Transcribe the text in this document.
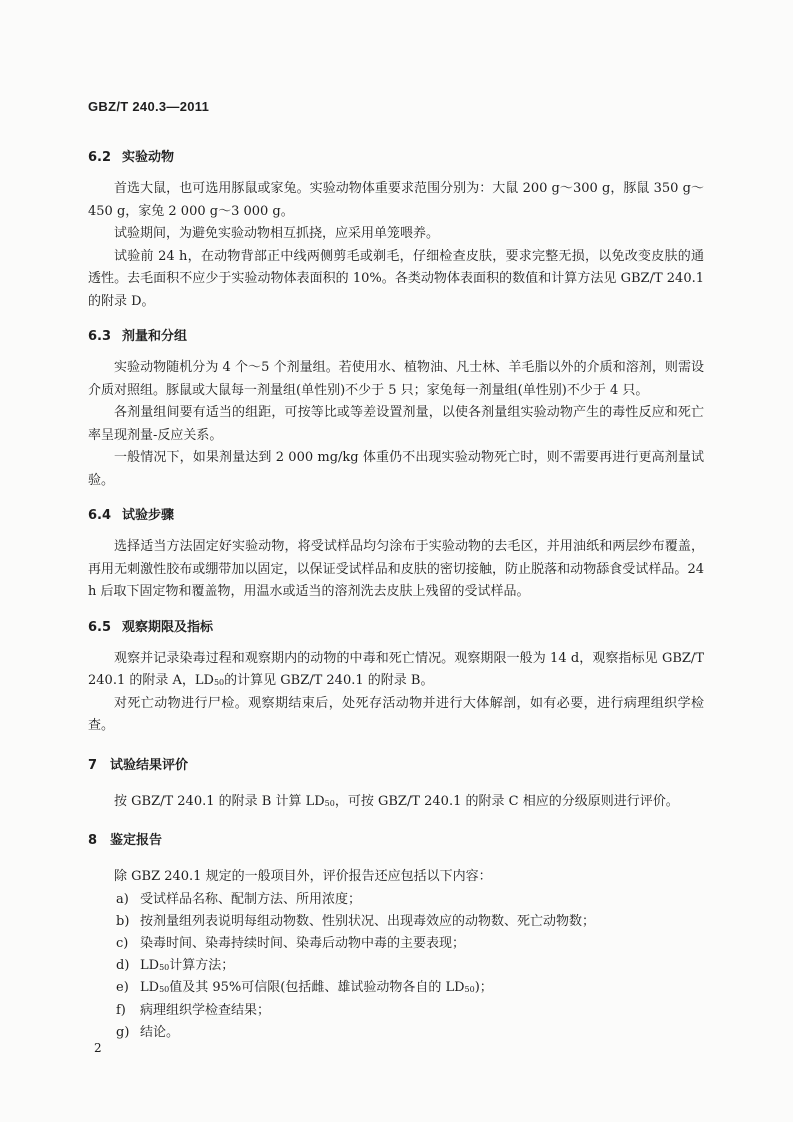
GBZ/T 240.3—2011
6.2 实验动物

首选大鼠，也可选用豚鼠或家兔。实验动物体重要求范围分别为：大鼠 200 g～300 g，豚鼠 350 g～450 g，家兔 2 000 g～3 000 g。

试验期间，为避免实验动物相互抓挠，应采用单笼喂养。

试验前 24 h，在动物背部正中线两侧剪毛或剃毛，仔细检查皮肤，要求完整无损，以免改变皮肤的通透性。去毛面积不应少于实验动物体表面积的 10%。各类动物体表面积的数值和计算方法见 GBZ/T 240.1 的附录 D。

6.3 剂量和分组

实验动物随机分为 4 个～5 个剂量组。若使用水、植物油、凡士林、羊毛脂以外的介质和溶剂，则需设介质对照组。豚鼠或大鼠每一剂量组(单性别)不少于 5 只；家兔每一剂量组(单性别)不少于 4 只。

各剂量组间要有适当的组距，可按等比或等差设置剂量，以使各剂量组实验动物产生的毒性反应和死亡率呈现剂量-反应关系。

一般情况下，如果剂量达到 2 000 mg/kg 体重仍不出现实验动物死亡时，则不需要再进行更高剂量试验。

6.4 试验步骤

选择适当方法固定好实验动物，将受试样品均匀涂布于实验动物的去毛区，并用油纸和两层纱布覆盖，再用无刺激性胶布或绷带加以固定，以保证受试样品和皮肤的密切接触，防止脱落和动物舔食受试样品。24 h 后取下固定物和覆盖物，用温水或适当的溶剂洗去皮肤上残留的受试样品。

6.5 观察期限及指标

观察并记录染毒过程和观察期内的动物的中毒和死亡情况。观察期限一般为 14 d，观察指标见 GBZ/T 240.1 的附录 A，$LD_{50}$的计算见 GBZ/T 240.1 的附录 B。

对死亡动物进行尸检。观察期结束后，处死存活动物并进行大体解剖，如有必要，进行病理组织学检查。

7 试验结果评价

按 GBZ/T 240.1 的附录 B 计算 $LD_{50}$，可按 GBZ/T 240.1 的附录 C 相应的分级原则进行评价。

8 鉴定报告

除 GBZ 240.1 规定的一般项目外，评价报告还应包括以下内容：

a) 受试样品名称、配制方法、所用浓度；
b) 按剂量组列表说明每组动物数、性别状况、出现毒效应的动物数、死亡动物数；
c) 染毒时间、染毒持续时间、染毒后动物中毒的主要表现；
d) $LD_{50}$计算方法；
e) $LD_{50}$值及其 95%可信限(包括雌、雄试验动物各自的 $LD_{50}$)；
f) 病理组织学检查结果；
g) 结论。
2
